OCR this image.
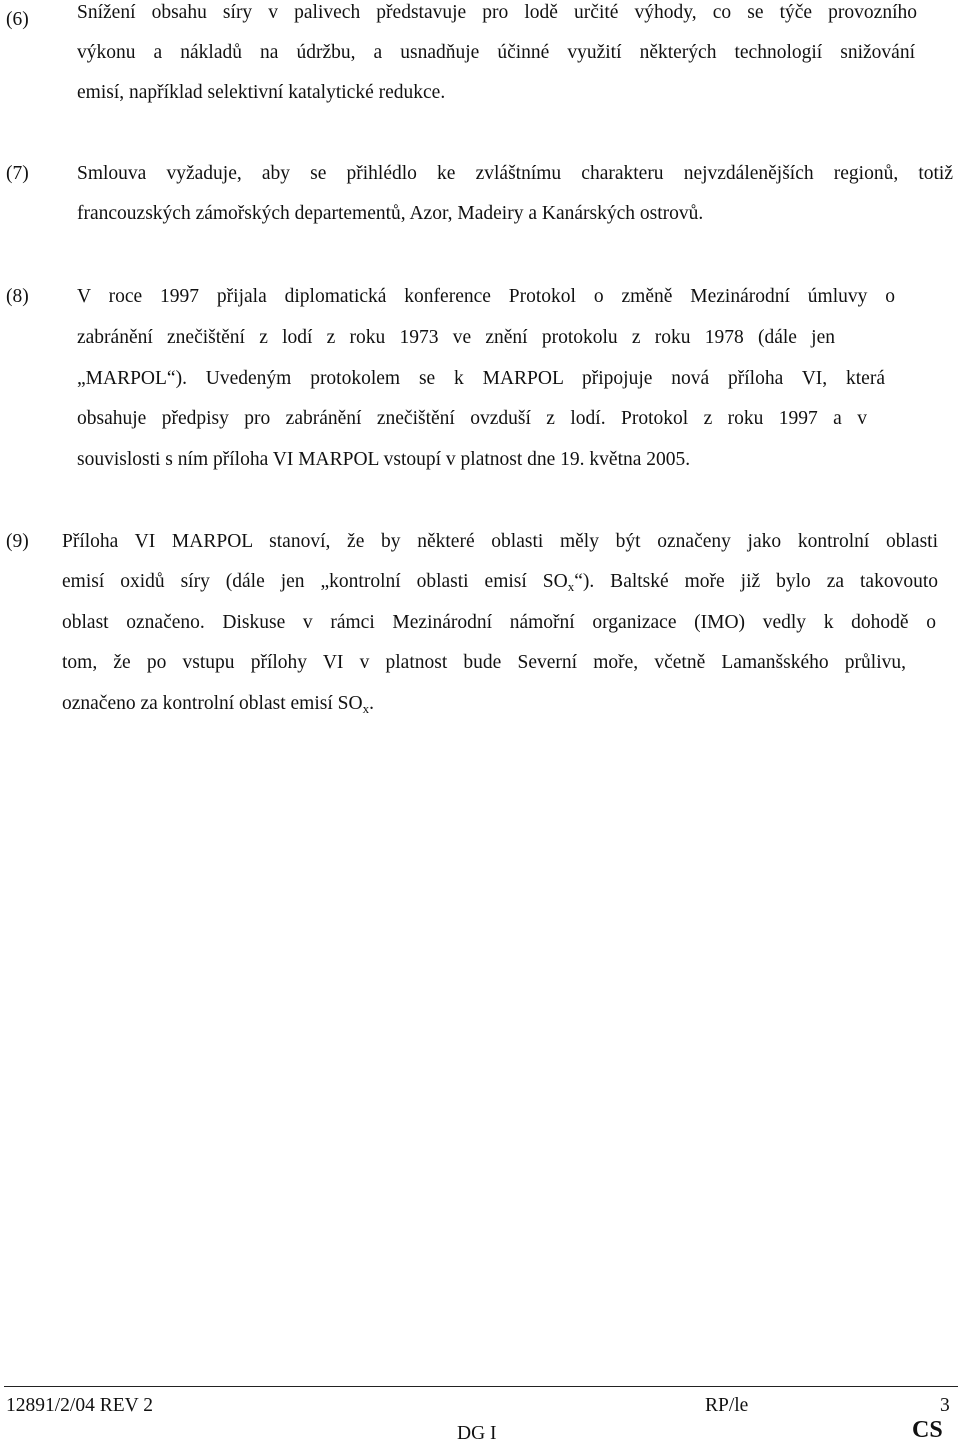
(6) Snížení obsahu síry v palivech představuje pro lodě určité výhody, co se týče provozního
výkonu a nákladů na údržbu, a usnadňuje účinné využití některých technologií snižování
emisí, například selektivní katalytické redukce.
(7) Smlouva vyžaduje, aby se přihlédlo ke zvláštnímu charakteru nejvzdálenějších regionů, totiž
francouzských zámořských departementů, Azor, Madeiry a Kanárských ostrovů.
(8) V roce 1997 přijala diplomatická konference Protokol o změně Mezinárodní úmluvy o
zabránění znečištění z lodí z roku 1973 ve znění protokolu z roku 1978 (dále jen
„MARPOL“). Uvedeným protokolem se k MARPOL připojuje nová příloha VI, která
obsahuje předpisy pro zabránění znečištění ovzduší z lodí. Protokol z roku 1997 a v
souvislosti s ním příloha VI MARPOL vstoupí v platnost dne 19. května 2005.
(9) Příloha VI MARPOL stanoví, že by některé oblasti měly být označeny jako kontrolní oblasti
emisí oxidů síry (dále jen „kontrolní oblasti emisí $SO_x“$). Baltské moře již bylo za takovouto
oblast označeno. Diskuse v rámci Mezinárodní námořní organizace (IMO) vedly k dohodě o
tom, že po vstupu přílohy VI v platnost bude Severní moře, včetně Lamanšského průlivu,
označeno za kontrolní oblast emisí $SO_x$.
12891/2/04 REV 2	RP/le	3
DG I	CS
